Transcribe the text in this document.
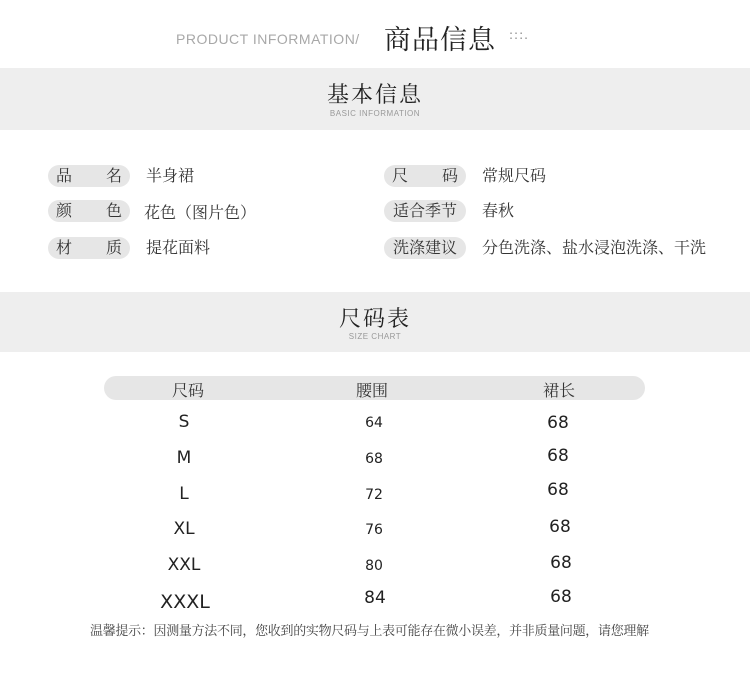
PRODUCT INFORMATION/ 商品信息 :::.
基本信息
BASIC INFORMATION
品 名 半身裙
颜 色 花色（图片色）
材 质 提花面料
尺 码 常规尺码
适合季节 春秋
洗涤建议 分色洗涤、盐水浸泡洗涤、干洗
尺码表
SIZE CHART
尺码	腰围	裙长
S	64	68
M	68	68
L	72	68
XL	76	68
XXL	80	68
XXXL	84	68
温馨提示：因测量方法不同，您收到的实物尺码与上表可能存在微小误差，并非质量问题，请您理解
